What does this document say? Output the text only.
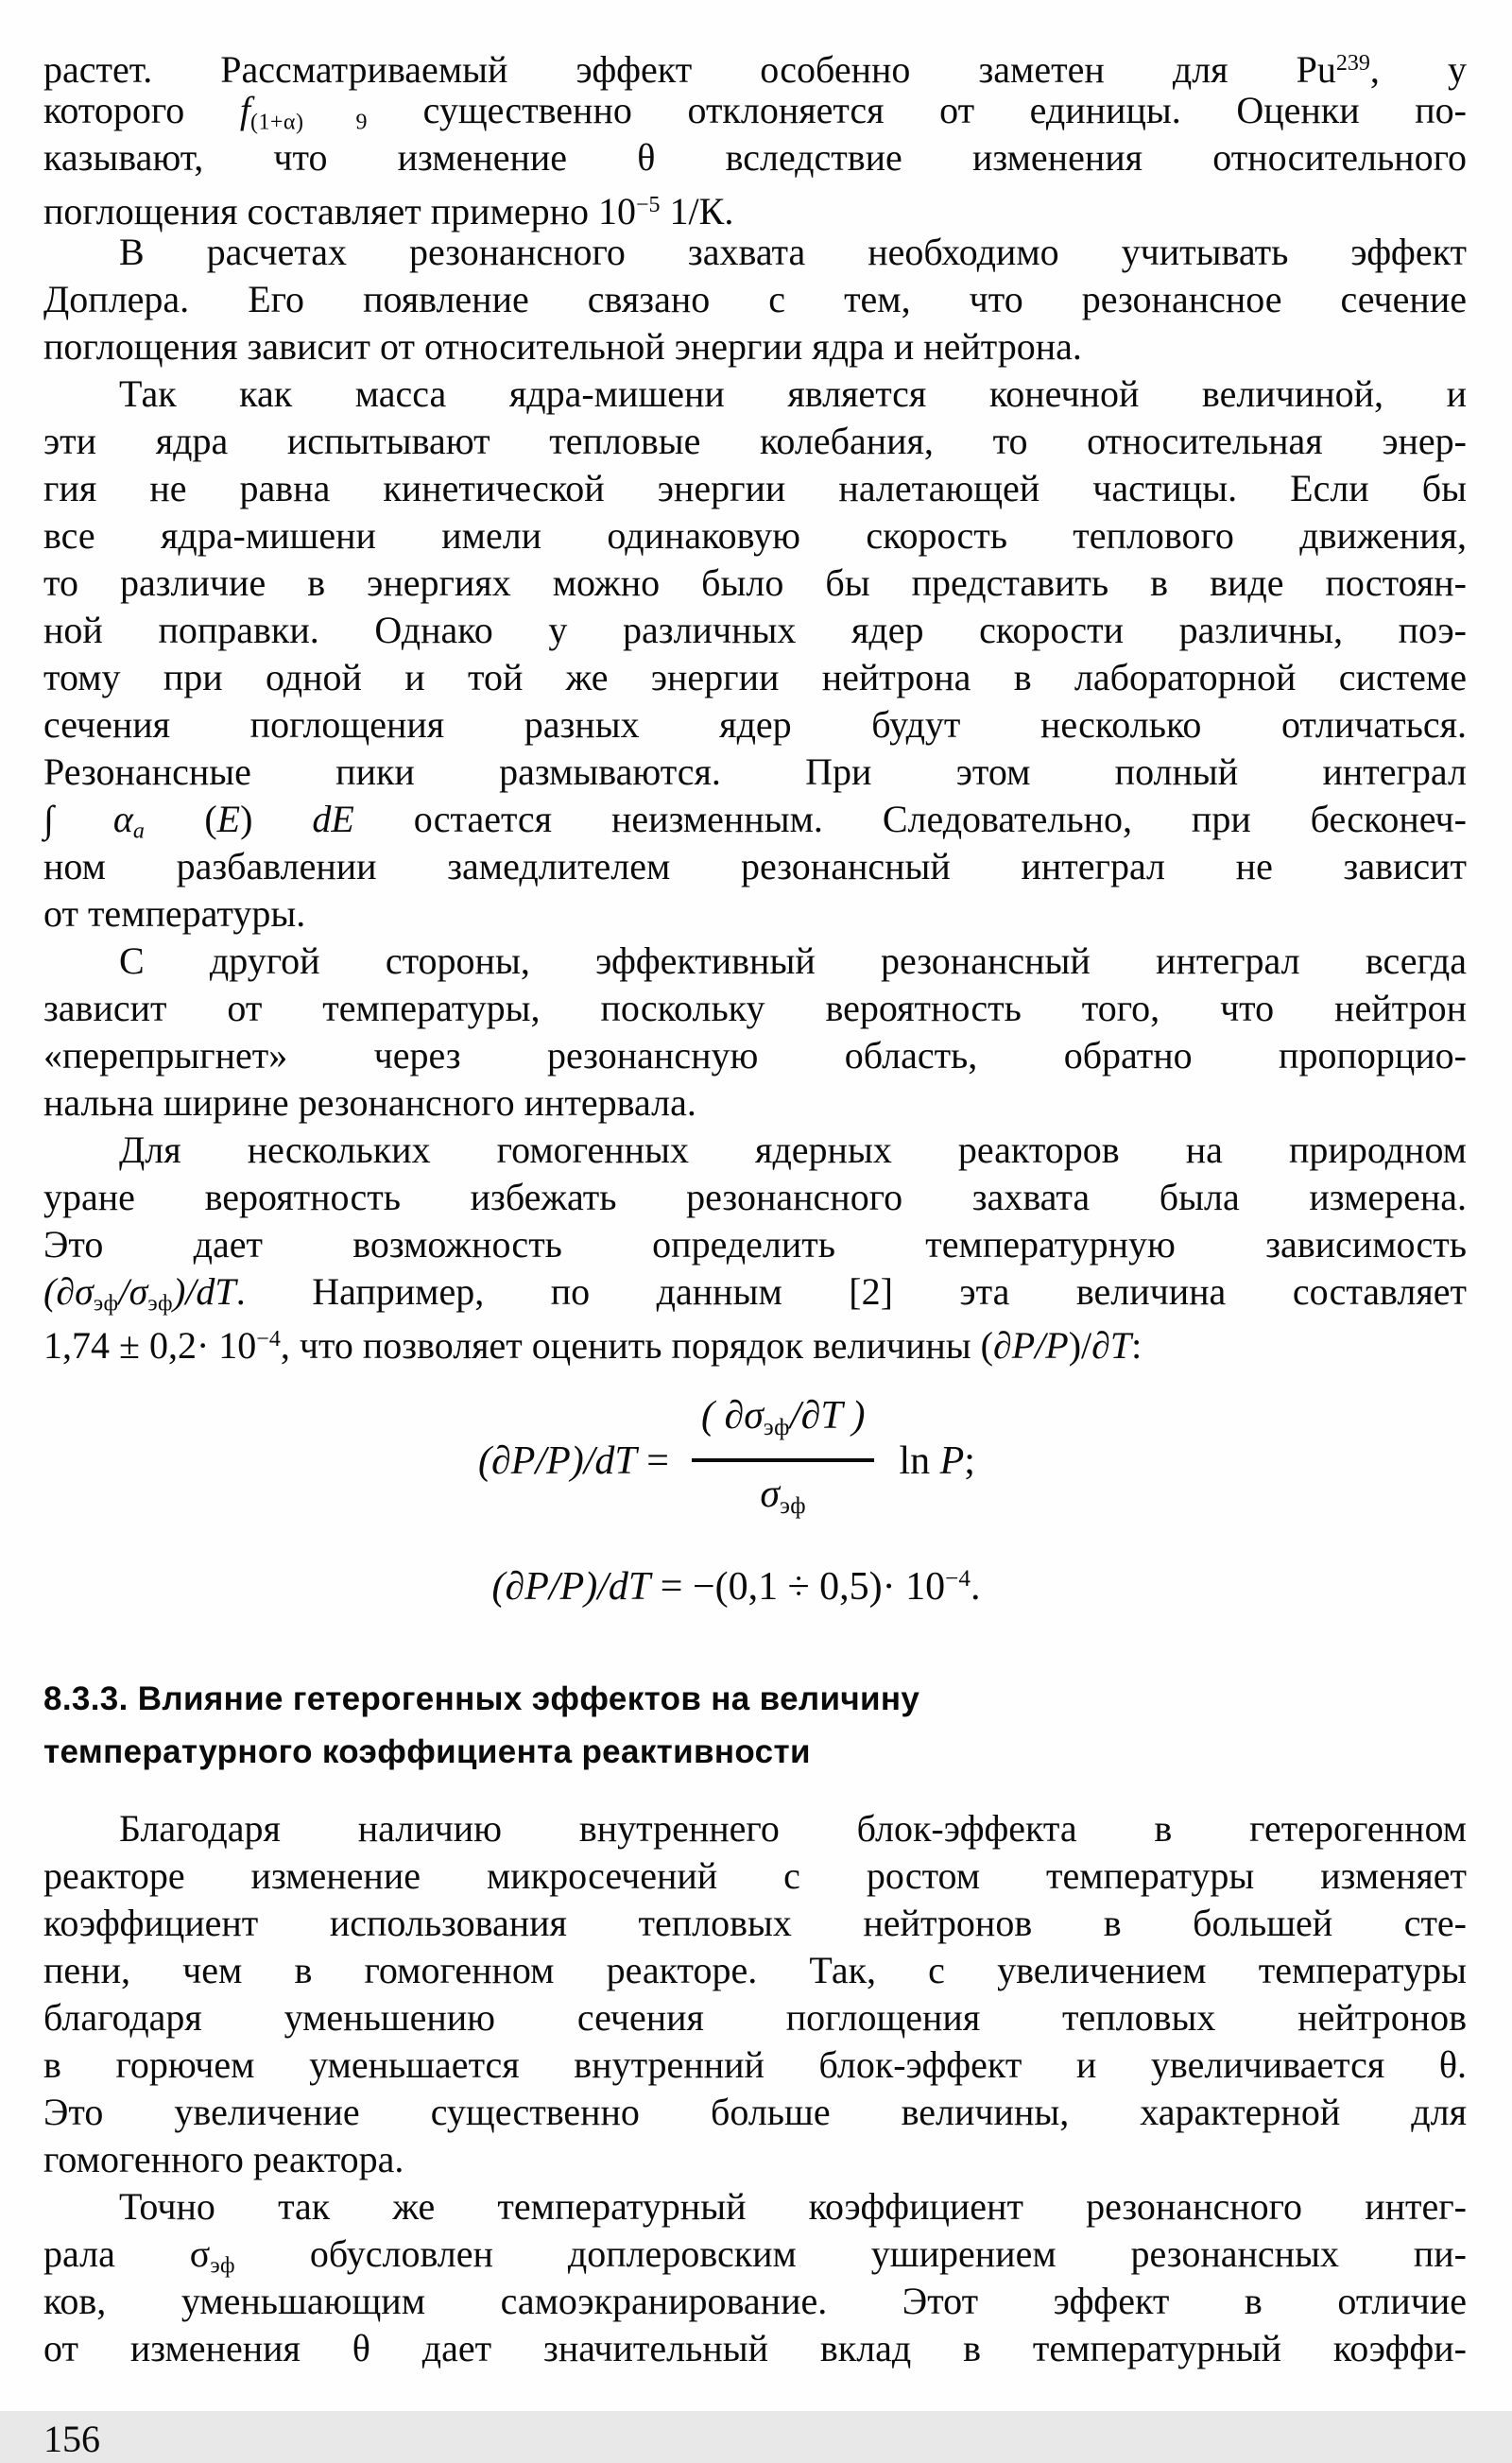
растет. Рассматриваемый эффект особенно заметен для Pu$^{239}$, у
которого f(1+α) 9 существенно отклоняется от единицы. Оценки по-
казывают, что изменение θ вследствие изменения относительного
поглощения составляет примерно $10^{-5}$ 1/К.
В расчетах резонансного захвата необходимо учитывать эффект
Доплера. Его появление связано с тем, что резонансное сечение
поглощения зависит от относительной энергии ядра и нейтрона.
Так как масса ядра-мишени является конечной величиной, и
эти ядра испытывают тепловые колебания, то относительная энер-
гия не равна кинетической энергии налетающей частицы. Если бы
все ядра-мишени имели одинаковую скорость теплового движения,
то различие в энергиях можно было бы представить в виде постоян-
ной поправки. Однако у различных ядер скорости различны, поэ-
тому при одной и той же энергии нейтрона в лабораторной системе
сечения поглощения разных ядер будут несколько отличаться.
Резонансные пики размываются. При этом полный интеграл
∫ αa (E) dE остается неизменным. Следовательно, при бесконеч-
ном разбавлении замедлителем резонансный интеграл не зависит
от температуры.
С другой стороны, эффективный резонансный интеграл всегда
зависит от температуры, поскольку вероятность того, что нейтрон
«перепрыгнет» через резонансную область, обратно пропорцио-
нальна ширине резонансного интервала.
Для нескольких гомогенных ядерных реакторов на природном
уране вероятность избежать резонансного захвата была измерена.
Это дает возможность определить температурную зависимость
(∂σэф/σэф)/dT. Например, по данным [2] эта величина составляет
$1,74 \pm 0,2\cdot 10^{-4}$, что позволяет оценить порядок величины (∂P/P)/∂T:
$(\partial P/P)/dT = \frac{\text{( ∂σэф/∂T )}}{\text{σэф}}$ ln P;
$(\partial P/P)/dT = -(0,1 \div 0,5)\cdot 10^{-4}$.
8.3.3. Влияние гетерогенных эффектов на величину
температурного коэффициента реактивности
Благодаря наличию внутреннего блок-эффекта в гетерогенном
реакторе изменение микросечений с ростом температуры изменяет
коэффициент использования тепловых нейтронов в большей сте-
пени, чем в гомогенном реакторе. Так, с увеличением температуры
благодаря уменьшению сечения поглощения тепловых нейтронов
в горючем уменьшается внутренний блок-эффект и увеличивается θ.
Это увеличение существенно больше величины, характерной для
гомогенного реактора.
Точно так же температурный коэффициент резонансного интег-
рала σэф обусловлен доплеровским уширением резонансных пи-
ков, уменьшающим самоэкранирование. Этот эффект в отличие
от изменения θ дает значительный вклад в температурный коэффи-
156
